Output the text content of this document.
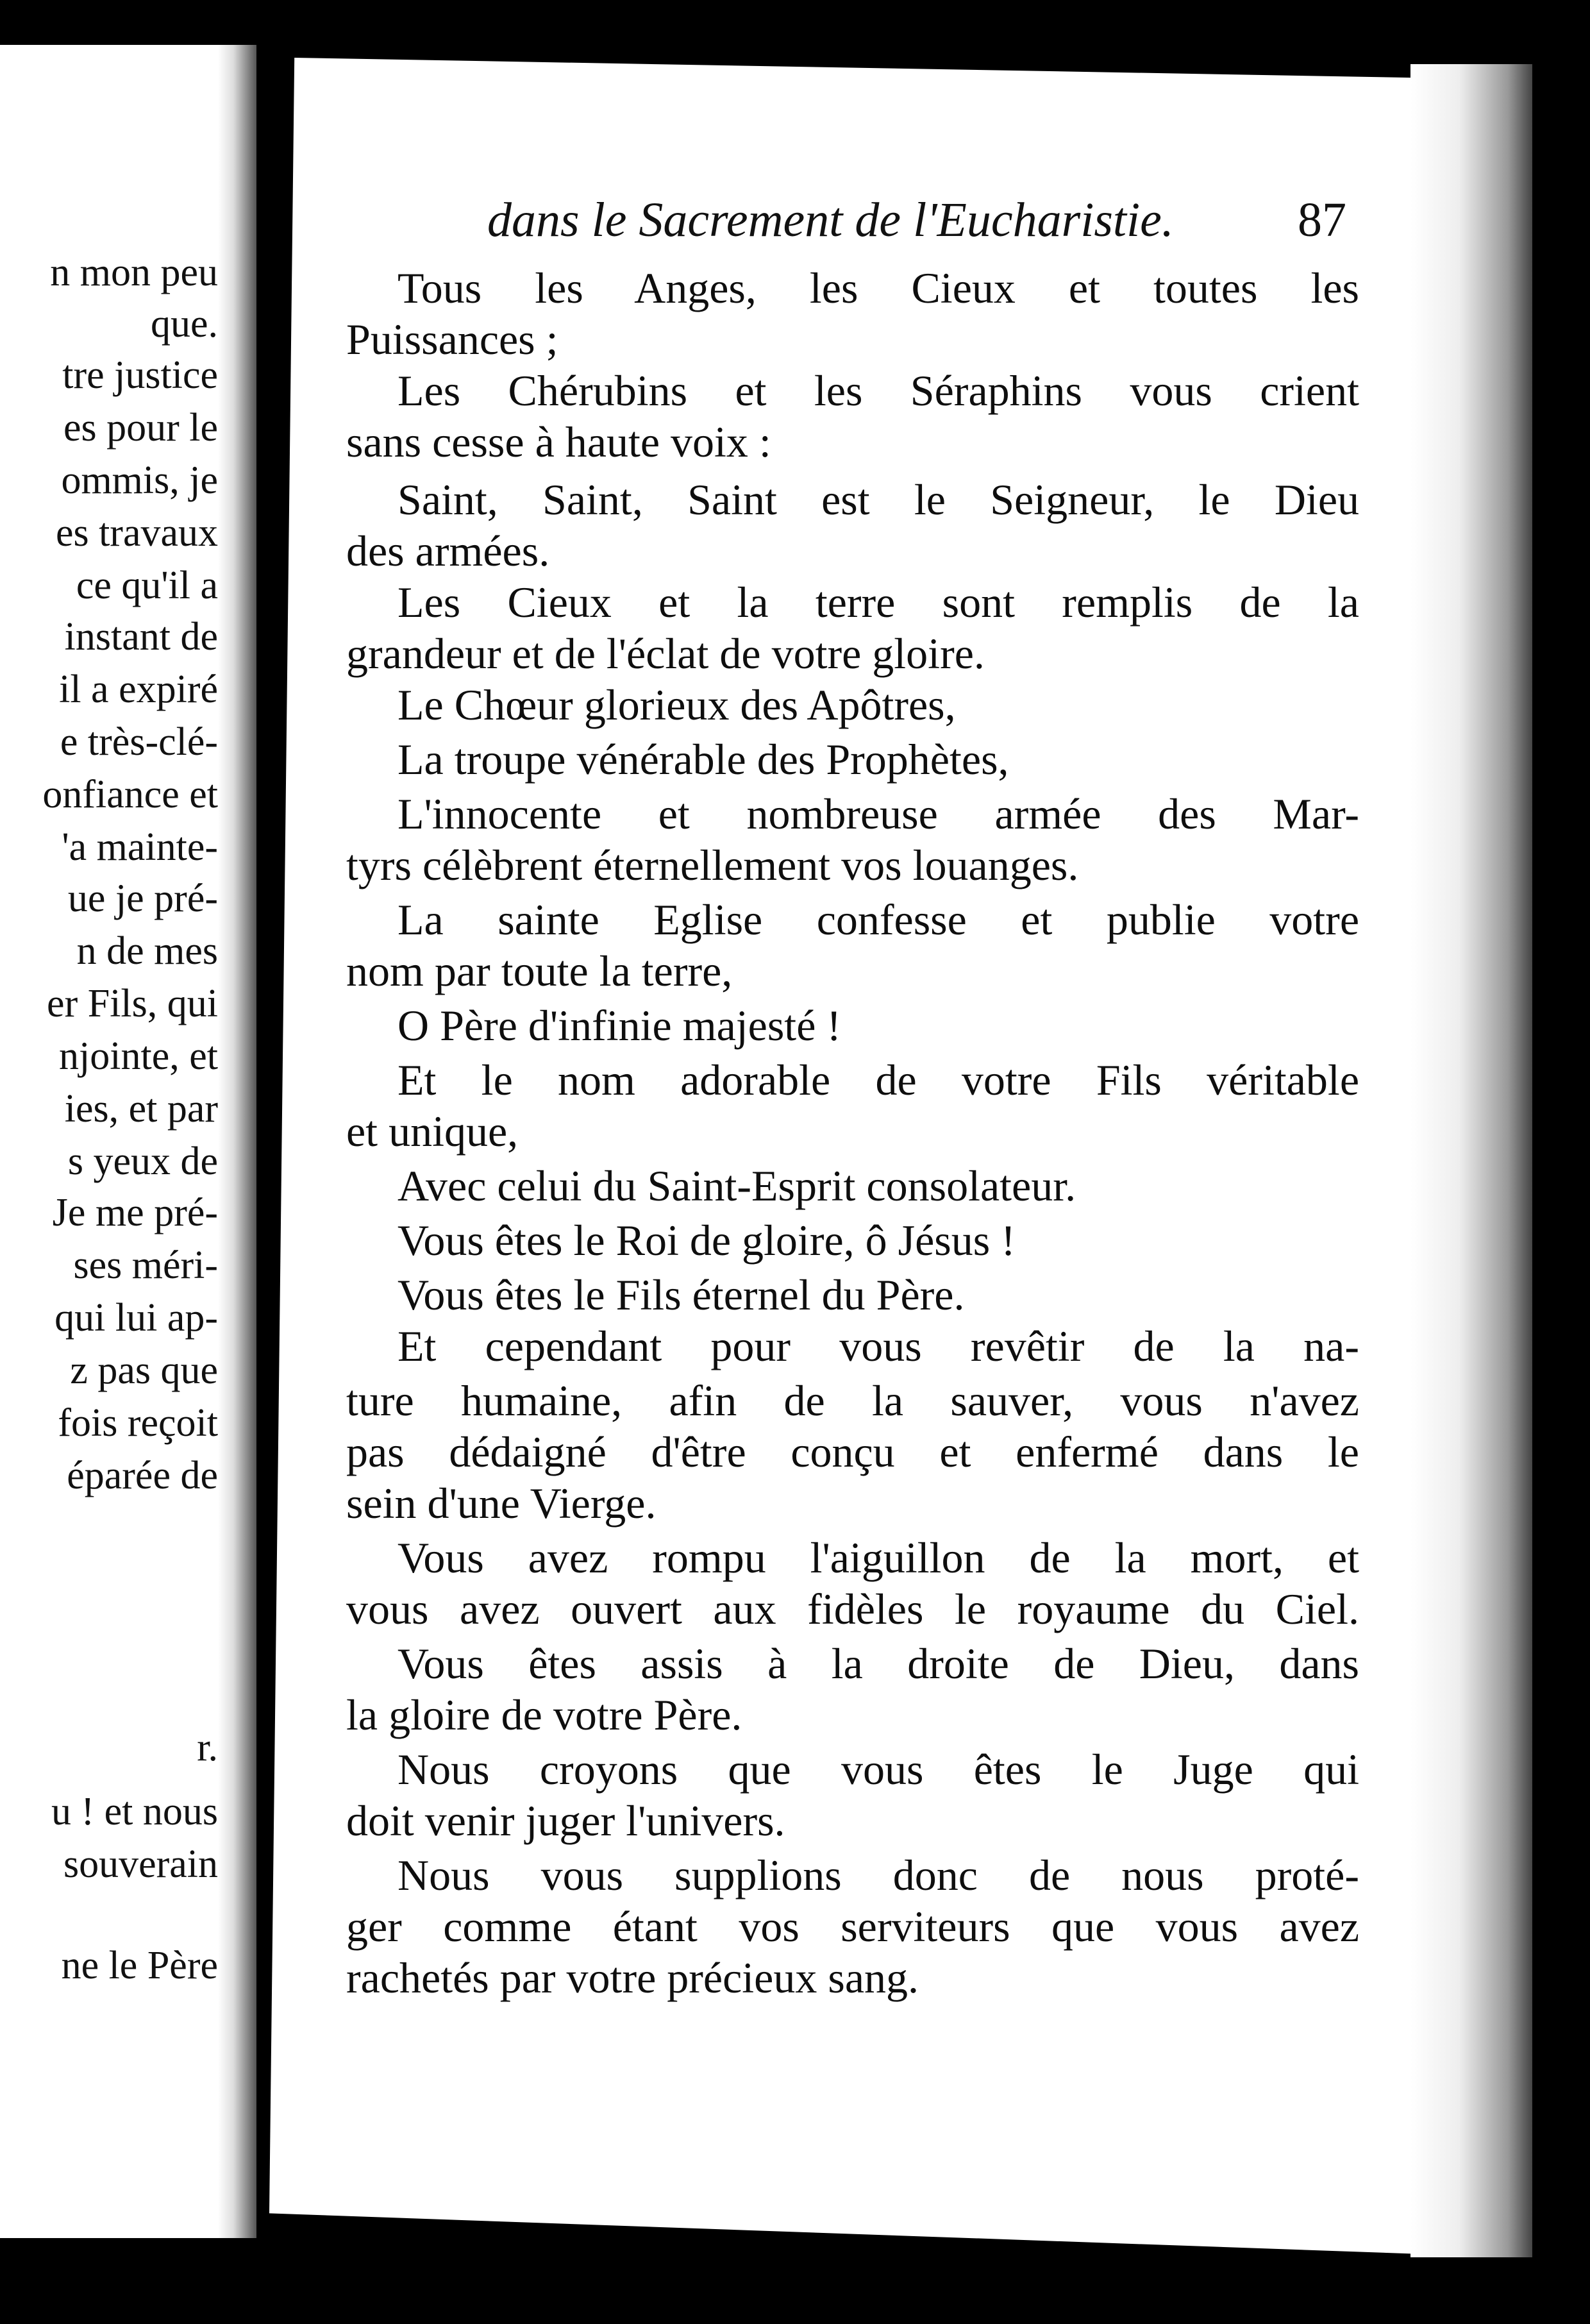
n mon peu
que.
tre justice
es pour le
ommis, je
es travaux
ce qu'il a
instant de
il a expiré
e très-clé-
onfiance et
'a mainte-
ue je pré-
n de mes
er Fils, qui
njointe, et
ies, et par
s yeux de
Je me pré-
ses méri-
qui lui ap-
z pas que
fois reçoit
éparée de
r.
u ! et nous
souverain
ne le Père
dans le Sacrement de l'Eucharistie.	87
Tous les Anges, les Cieux et toutes les
Puissances ;
Les Chérubins et les Séraphins vous crient
sans cesse à haute voix :
Saint, Saint, Saint est le Seigneur, le Dieu
des armées.
Les Cieux et la terre sont remplis de la
grandeur et de l'éclat de votre gloire.
Le Chœur glorieux des Apôtres,
La troupe vénérable des Prophètes,
L'innocente et nombreuse armée des Mar-
tyrs célèbrent éternellement vos louanges.
La sainte Eglise confesse et publie votre
nom par toute la terre,
O Père d'infinie majesté !
Et le nom adorable de votre Fils véritable
et unique,
Avec celui du Saint-Esprit consolateur.
Vous êtes le Roi de gloire, ô Jésus !
Vous êtes le Fils éternel du Père.
Et cependant pour vous revêtir de la na-
ture humaine, afin de la sauver, vous n'avez
pas dédaigné d'être conçu et enfermé dans le
sein d'une Vierge.
Vous avez rompu l'aiguillon de la mort, et
vous avez ouvert aux fidèles le royaume du Ciel.
Vous êtes assis à la droite de Dieu, dans
la gloire de votre Père.
Nous croyons que vous êtes le Juge qui
doit venir juger l'univers.
Nous vous supplions donc de nous proté-
ger comme étant vos serviteurs que vous avez
rachetés par votre précieux sang.
